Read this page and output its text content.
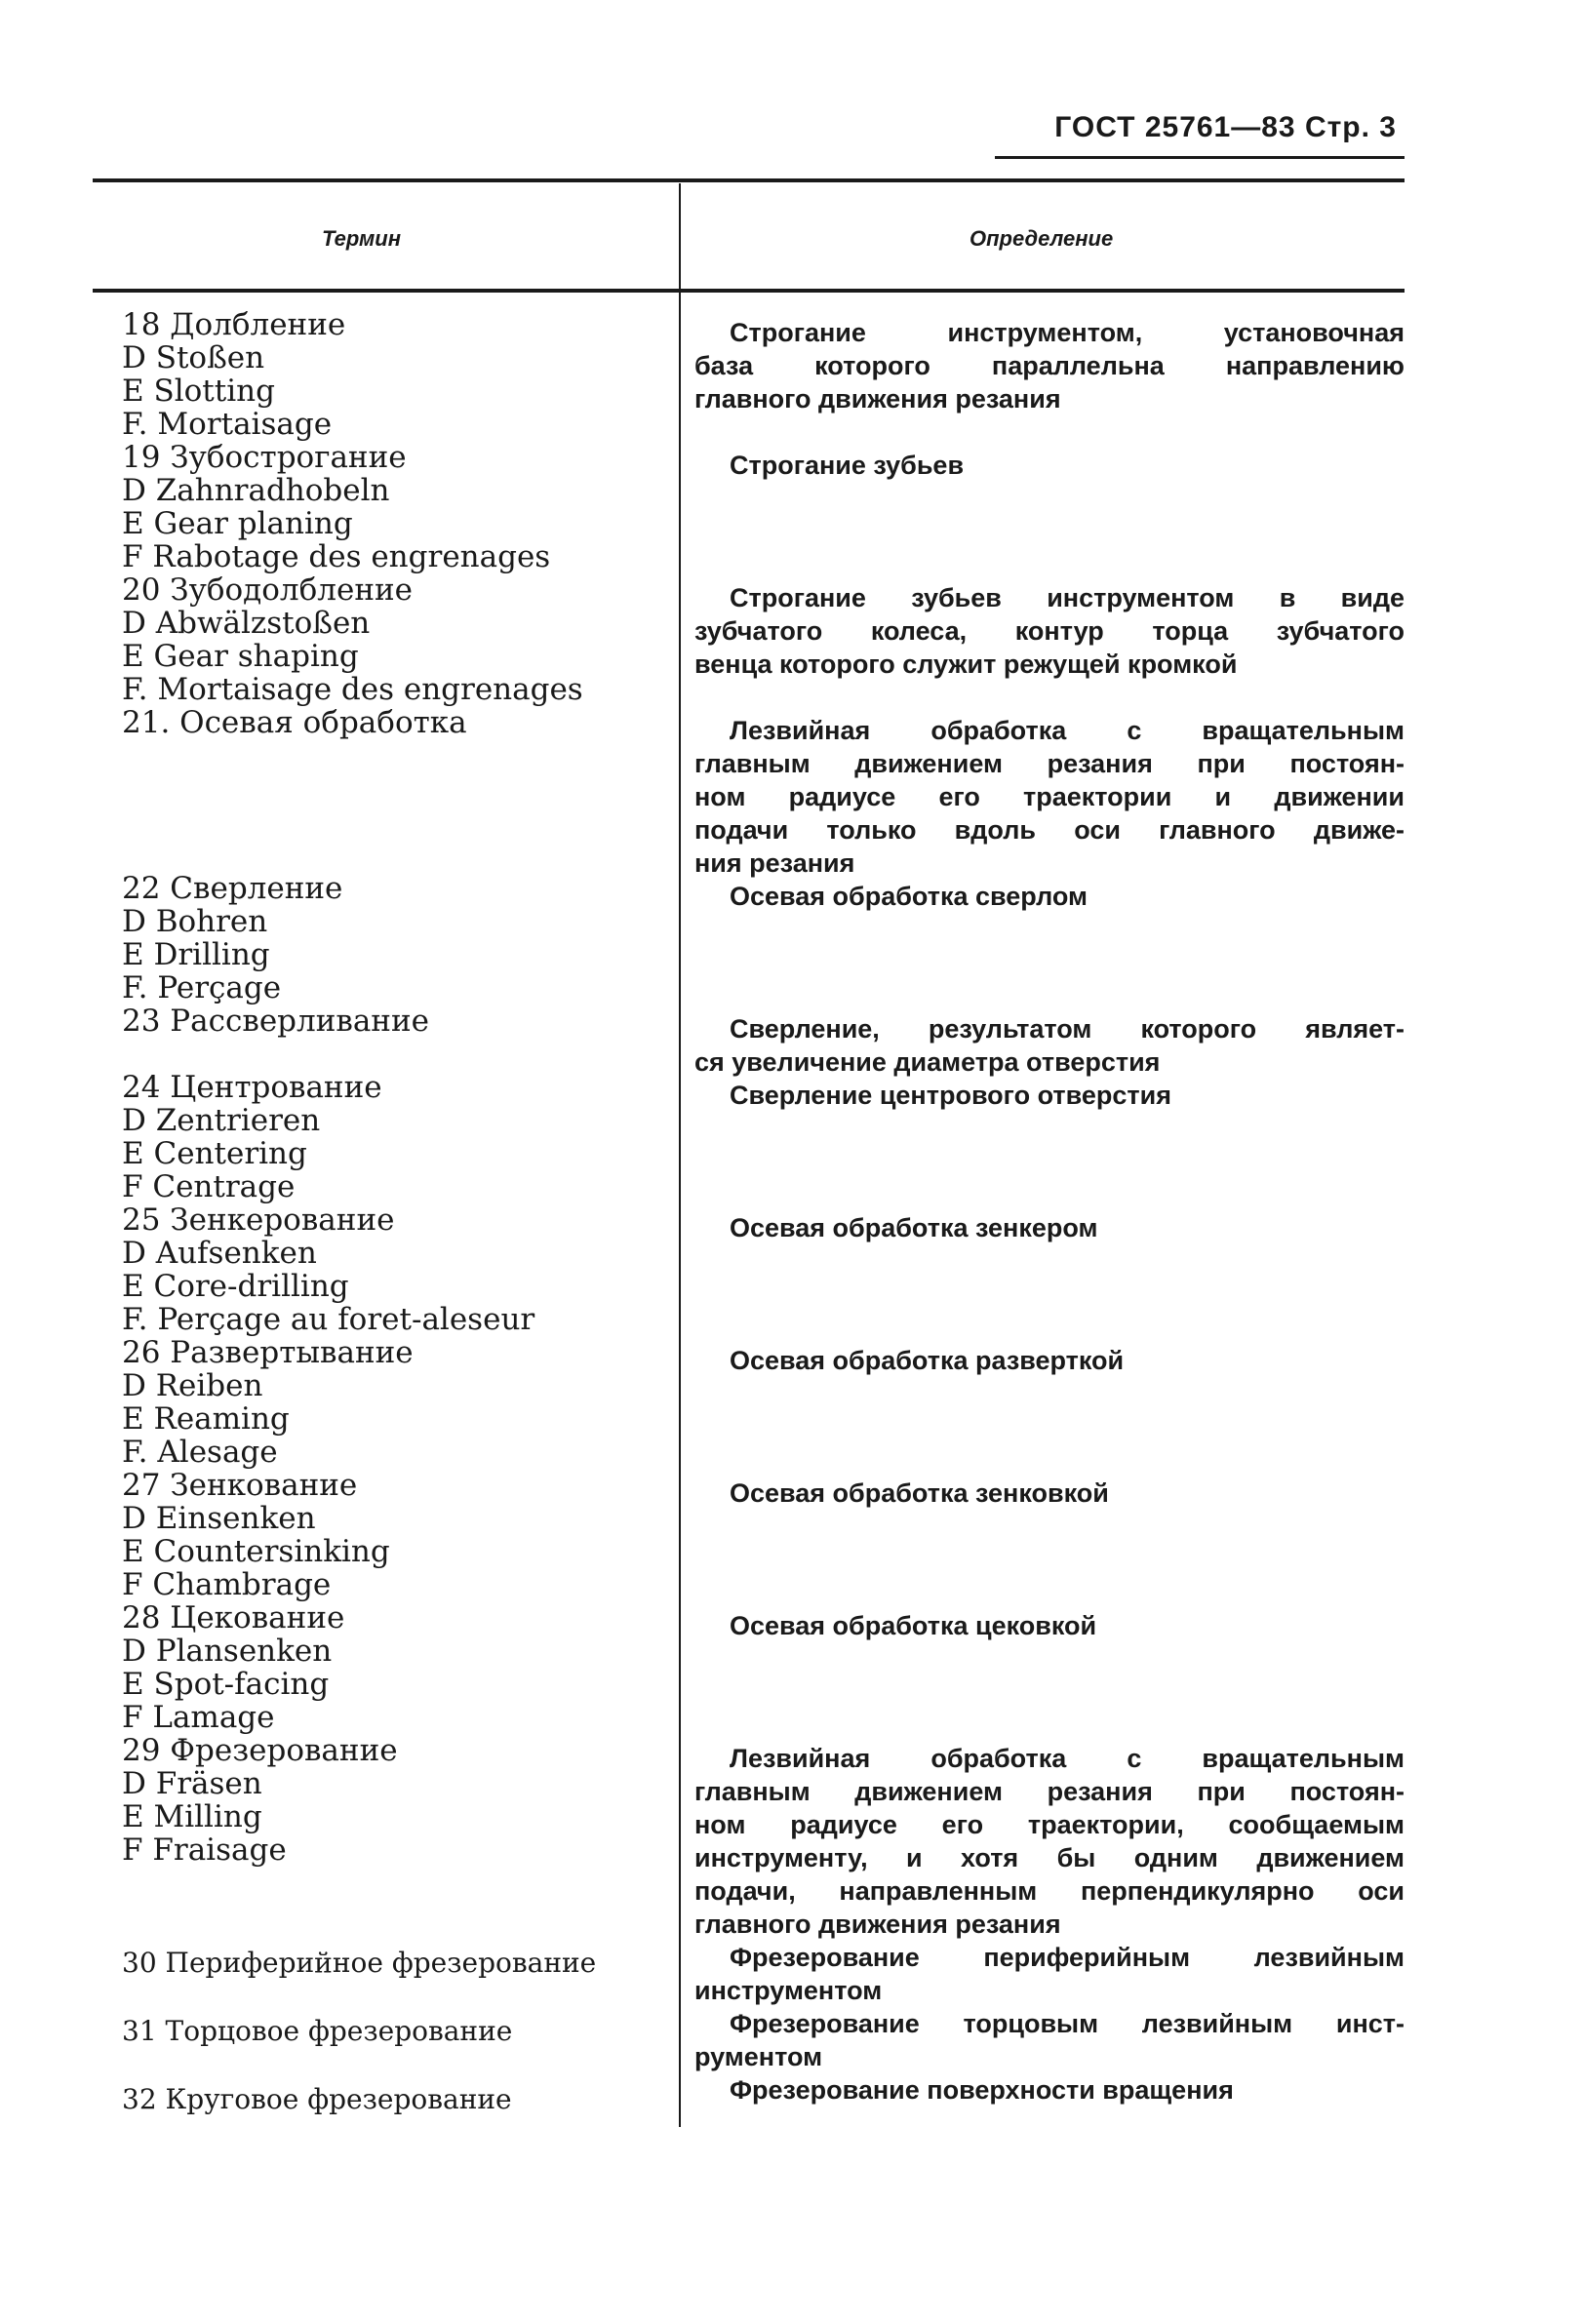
ГОСТ 25761—83 Стр. 3
Термин	Определение
18 Долбление
D Stoßen
E Slotting
F. Mortaisage
19 Зубострогание
D Zahnradhobeln
E Gear planing
F Rabotage des engrenages
20 Зубодолбление
D Abwälzstoßen
E Gear shaping
F. Mortaisage des engrenages
21. Осевая обработка
22 Сверление
D Bohren
E Drilling
F. Perçage
23 Рассверливание
24 Центрование
D Zentrieren
E Centering
F Centrage
25 Зенкерование
D Aufsenken
E Core-drilling
F. Perçage au foret-aleseur
26 Развертывание
D Reiben
E Reaming
F. Alesage
27 Зенкование
D Einsenken
E Countersinking
F Chambrage
28 Цекование
D Plansenken
E Spot-facing
F Lamage
29 Фрезерование
D Fräsen
E Milling
F Fraisage
30 Периферийное фрезерование
31 Торцовое фрезерование
32 Круговое фрезерование
Строгание инструментом, установочная
база которого параллельна направлению
главного движения резания
Строгание зубьев
Строгание зубьев инструментом в виде
зубчатого колеса, контур торца зубчатого
венца которого служит режущей кромкой
Лезвийная обработка с вращательным
главным движением резания при постоян-
ном радиусе его траектории и движении
подачи только вдоль оси главного движе-
ния резания
Осевая обработка сверлом
Сверление, результатом которого являет-
ся увеличение диаметра отверстия
Сверление центрового отверстия
Осевая обработка зенкером
Осевая обработка разверткой
Осевая обработка зенковкой
Осевая обработка цековкой
Лезвийная обработка с вращательным
главным движением резания при постоян-
ном радиусе его траектории, сообщаемым
инструменту, и хотя бы одним движением
подачи, направленным перпендикулярно оси
главного движения резания
Фрезерование периферийным лезвийным
инструментом
Фрезерование торцовым лезвийным инст-
рументом
Фрезерование поверхности вращения
